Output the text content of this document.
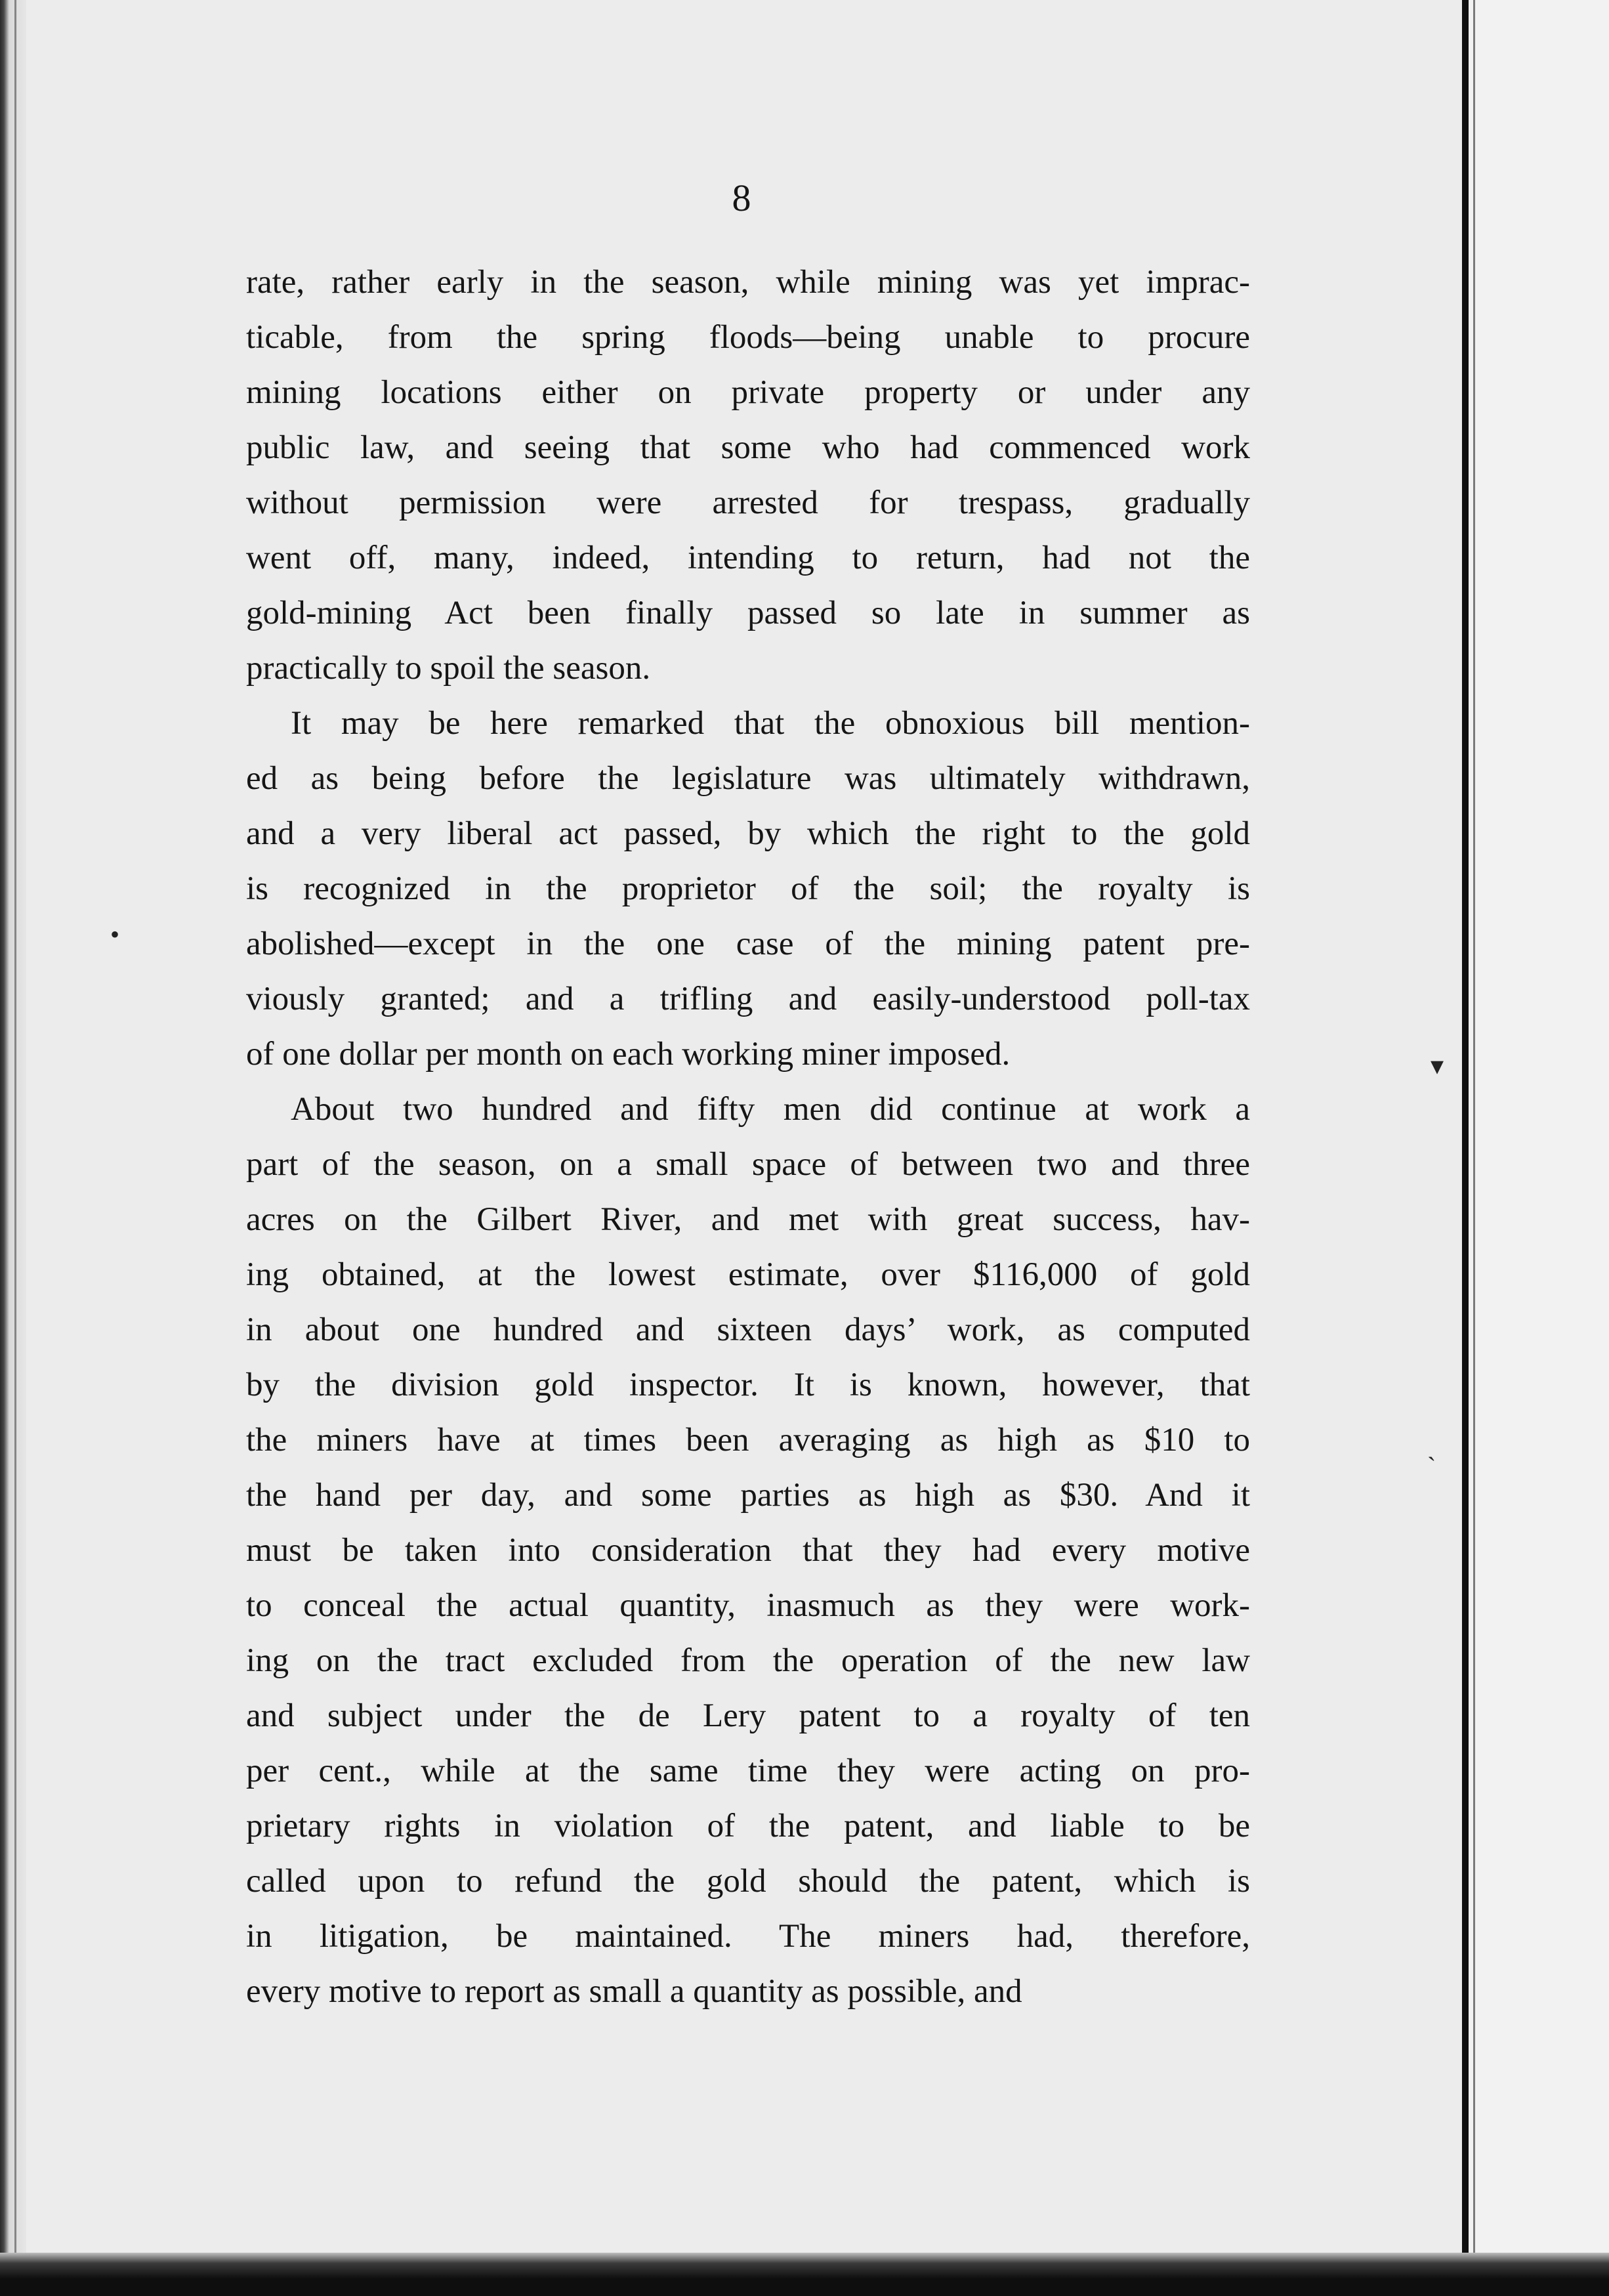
8
rate, rather early in the season, while mining was yet imprac-
ticable, from the spring floods—being unable to procure
mining locations either on private property or under any
public law, and seeing that some who had commenced work
without permission were arrested for trespass, gradually
went off, many, indeed, intending to return, had not the
gold-mining Act been finally passed so late in summer as
practically to spoil the season.
It may be here remarked that the obnoxious bill mention-
ed as being before the legislature was ultimately withdrawn,
and a very liberal act passed, by which the right to the gold
is recognized in the proprietor of the soil; the royalty is
abolished—except in the one case of the mining patent pre-
viously granted; and a trifling and easily-understood poll-tax
of one dollar per month on each working miner imposed.
About two hundred and fifty men did continue at work a
part of the season, on a small space of between two and three
acres on the Gilbert River, and met with great success, hav-
ing obtained, at the lowest estimate, over $116,000 of gold
in about one hundred and sixteen days’ work, as computed
by the division gold inspector. It is known, however, that
the miners have at times been averaging as high as $10 to
the hand per day, and some parties as high as $30. And it
must be taken into consideration that they had every motive
to conceal the actual quantity, inasmuch as they were work-
ing on the tract excluded from the operation of the new law
and subject under the de Lery patent to a royalty of ten
per cent., while at the same time they were acting on pro-
prietary rights in violation of the patent, and liable to be
called upon to refund the gold should the patent, which is
in litigation, be maintained. The miners had, therefore,
every motive to report as small a quantity as possible, and
•
▾
ˏ
